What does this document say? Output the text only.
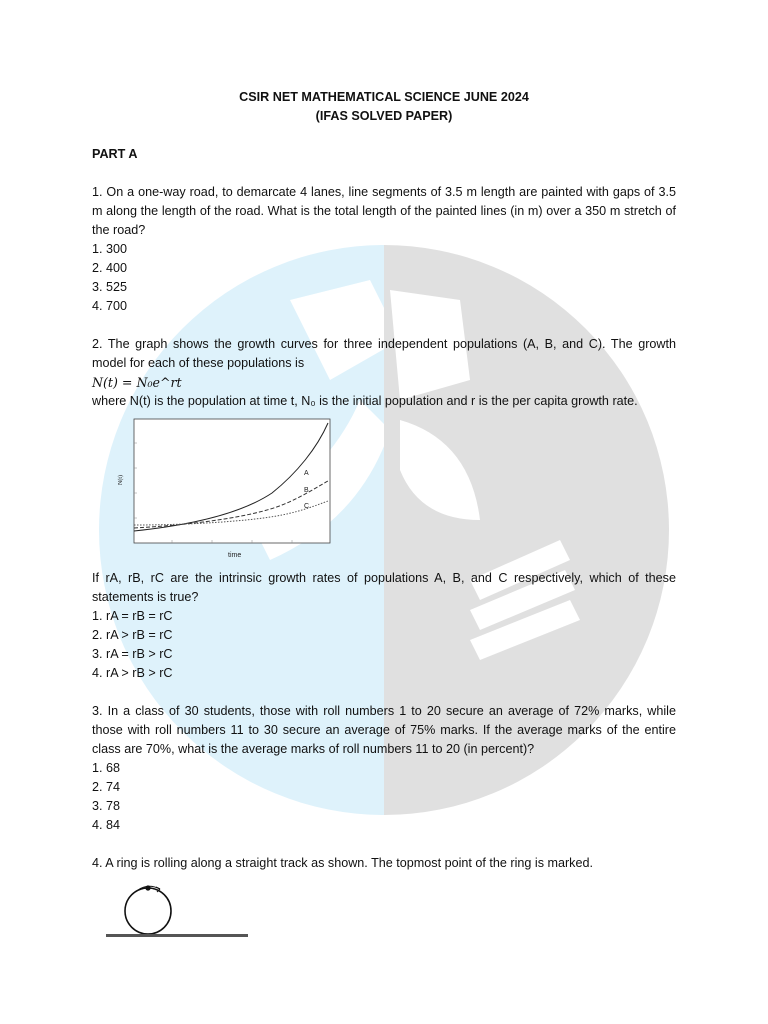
CSIR NET MATHEMATICAL SCIENCE JUNE 2024
(IFAS SOLVED PAPER)
PART A

1. On a one-way road, to demarcate 4 lanes, line segments of 3.5 m length are painted with gaps of 3.5 m along the length of the road. What is the total length of the painted lines (in m) over a 350 m stretch of the road?

1. 300
2. 400
3. 525
4. 700

2. The graph shows the growth curves for three independent populations (A, B, and C). The growth model for each of these populations is

N(t) = N₀e^rt

where N(t) is the population at time t, N₀ is the initial population and r is the per capita growth rate.

A
B
C
N(t)
time

If rA, rB, rC are the intrinsic growth rates of populations A, B, and C respectively, which of these statements is true?

1. rA = rB = rC
2. rA > rB = rC
3. rA = rB > rC
4. rA > rB > rC

3. In a class of 30 students, those with roll numbers 1 to 20 secure an average of 72% marks, while those with roll numbers 11 to 30 secure an average of 75% marks. If the average marks of the entire class are 70%, what is the average marks of roll numbers 11 to 20 (in percent)?

1. 68
2. 74
3. 78
4. 84

4. A ring is rolling along a straight track as shown. The topmost point of the ring is marked.
